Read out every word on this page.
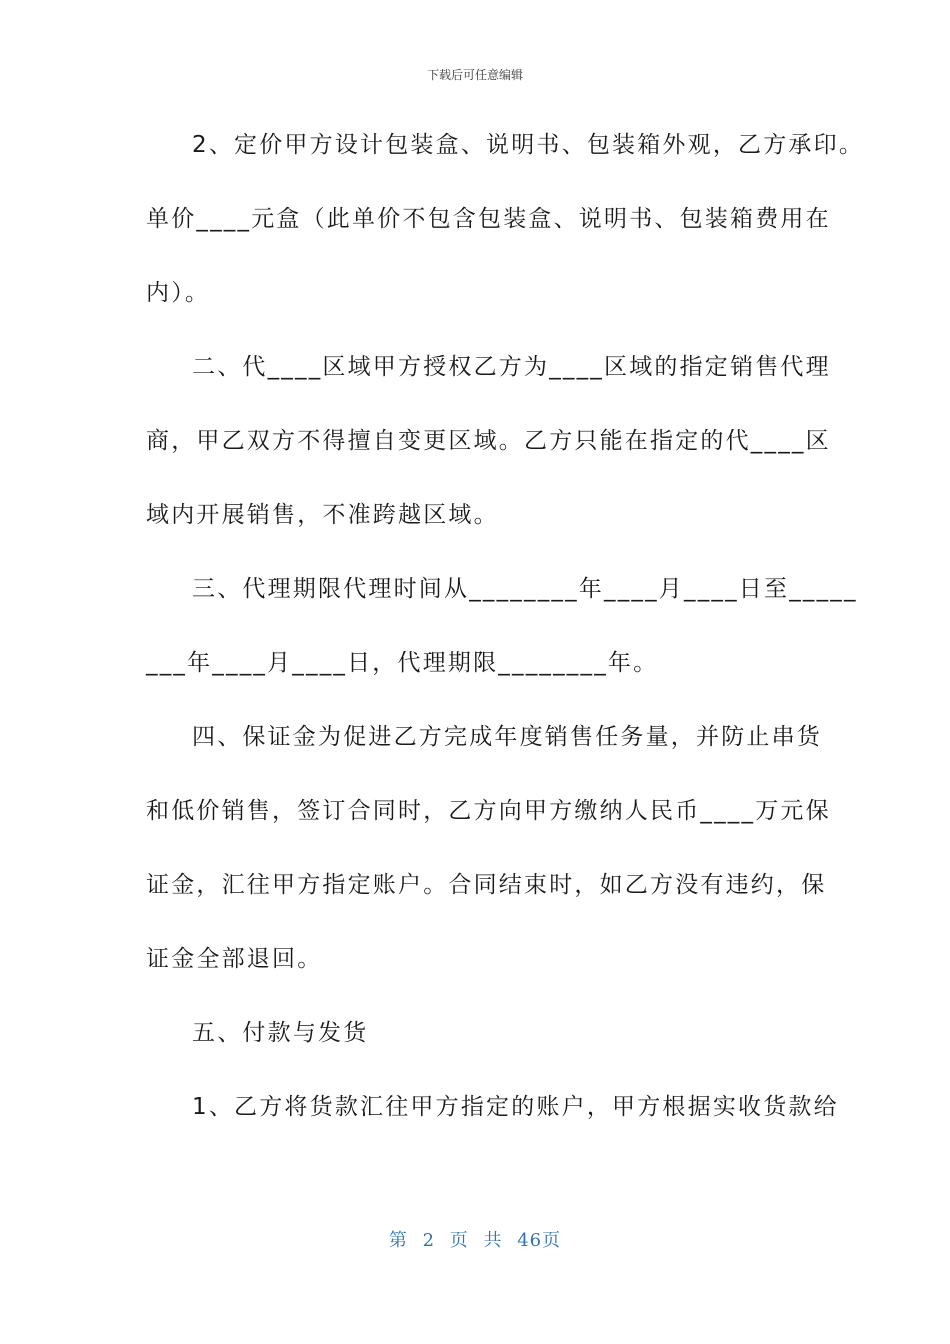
下载后可任意编辑
2、定价甲方设计包装盒、说明书、包装箱外观，乙方承印。
单价____元盒（此单价不包含包装盒、说明书、包装箱费用在
内）。
二、代____区域甲方授权乙方为____区域的指定销售代理
商，甲乙双方不得擅自变更区域。乙方只能在指定的代____区
域内开展销售，不准跨越区域。
三、代理期限代理时间从________年____月____日至_____
___年____月____日，代理期限________年。
四、保证金为促进乙方完成年度销售任务量，并防止串货
和低价销售，签订合同时，乙方向甲方缴纳人民币____万元保
证金，汇往甲方指定账户。合同结束时，如乙方没有违约，保
证金全部退回。
五、付款与发货
1、乙方将货款汇往甲方指定的账户，甲方根据实收货款给
第 2 页 共 46页
